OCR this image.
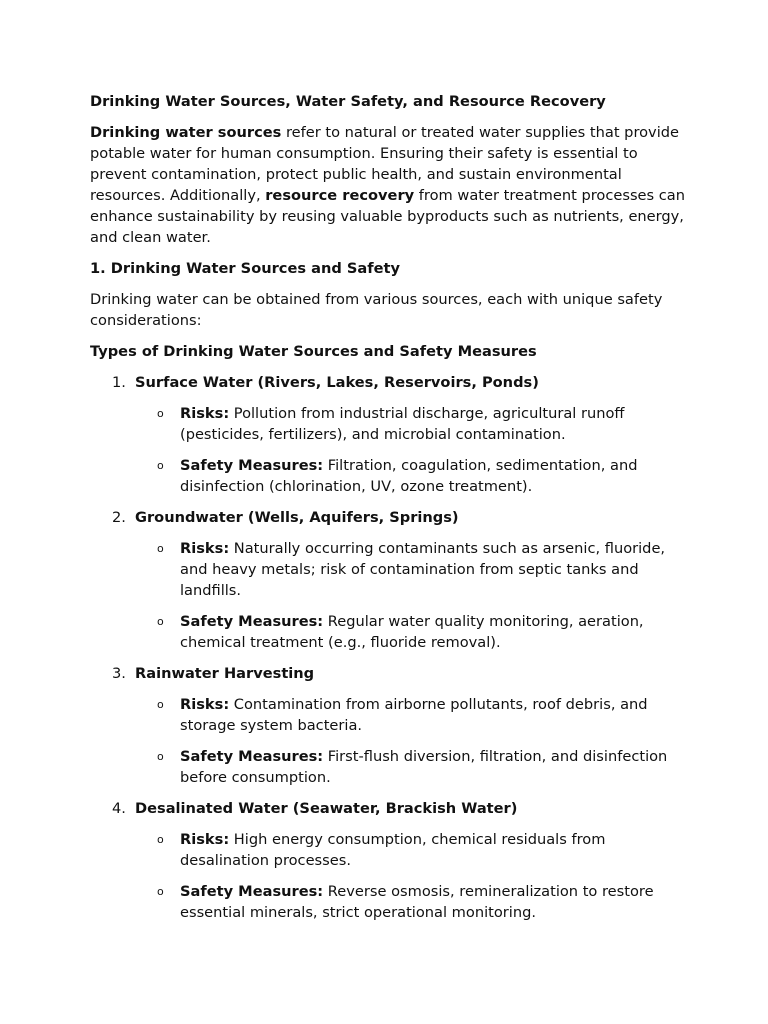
Drinking Water Sources, Water Safety, and Resource Recovery

Drinking water sources refer to natural or treated water supplies that provide potable water for human consumption. Ensuring their safety is essential to prevent contamination, protect public health, and sustain environmental resources. Additionally, resource recovery from water treatment processes can enhance sustainability by reusing valuable byproducts such as nutrients, energy, and clean water.

1. Drinking Water Sources and Safety

Drinking water can be obtained from various sources, each with unique safety considerations:

Types of Drinking Water Sources and Safety Measures
1. Surface Water (Rivers, Lakes, Reservoirs, Ponds)
o Risks: Pollution from industrial discharge, agricultural runoff (pesticides, fertilizers), and microbial contamination.
o Safety Measures: Filtration, coagulation, sedimentation, and disinfection (chlorination, UV, ozone treatment).
2. Groundwater (Wells, Aquifers, Springs)
o Risks: Naturally occurring contaminants such as arsenic, fluoride, and heavy metals; risk of contamination from septic tanks and landfills.
o Safety Measures: Regular water quality monitoring, aeration, chemical treatment (e.g., fluoride removal).
3. Rainwater Harvesting
o Risks: Contamination from airborne pollutants, roof debris, and storage system bacteria.
o Safety Measures: First-flush diversion, filtration, and disinfection before consumption.
4. Desalinated Water (Seawater, Brackish Water)
o Risks: High energy consumption, chemical residuals from desalination processes.
o Safety Measures: Reverse osmosis, remineralization to restore essential minerals, strict operational monitoring.
